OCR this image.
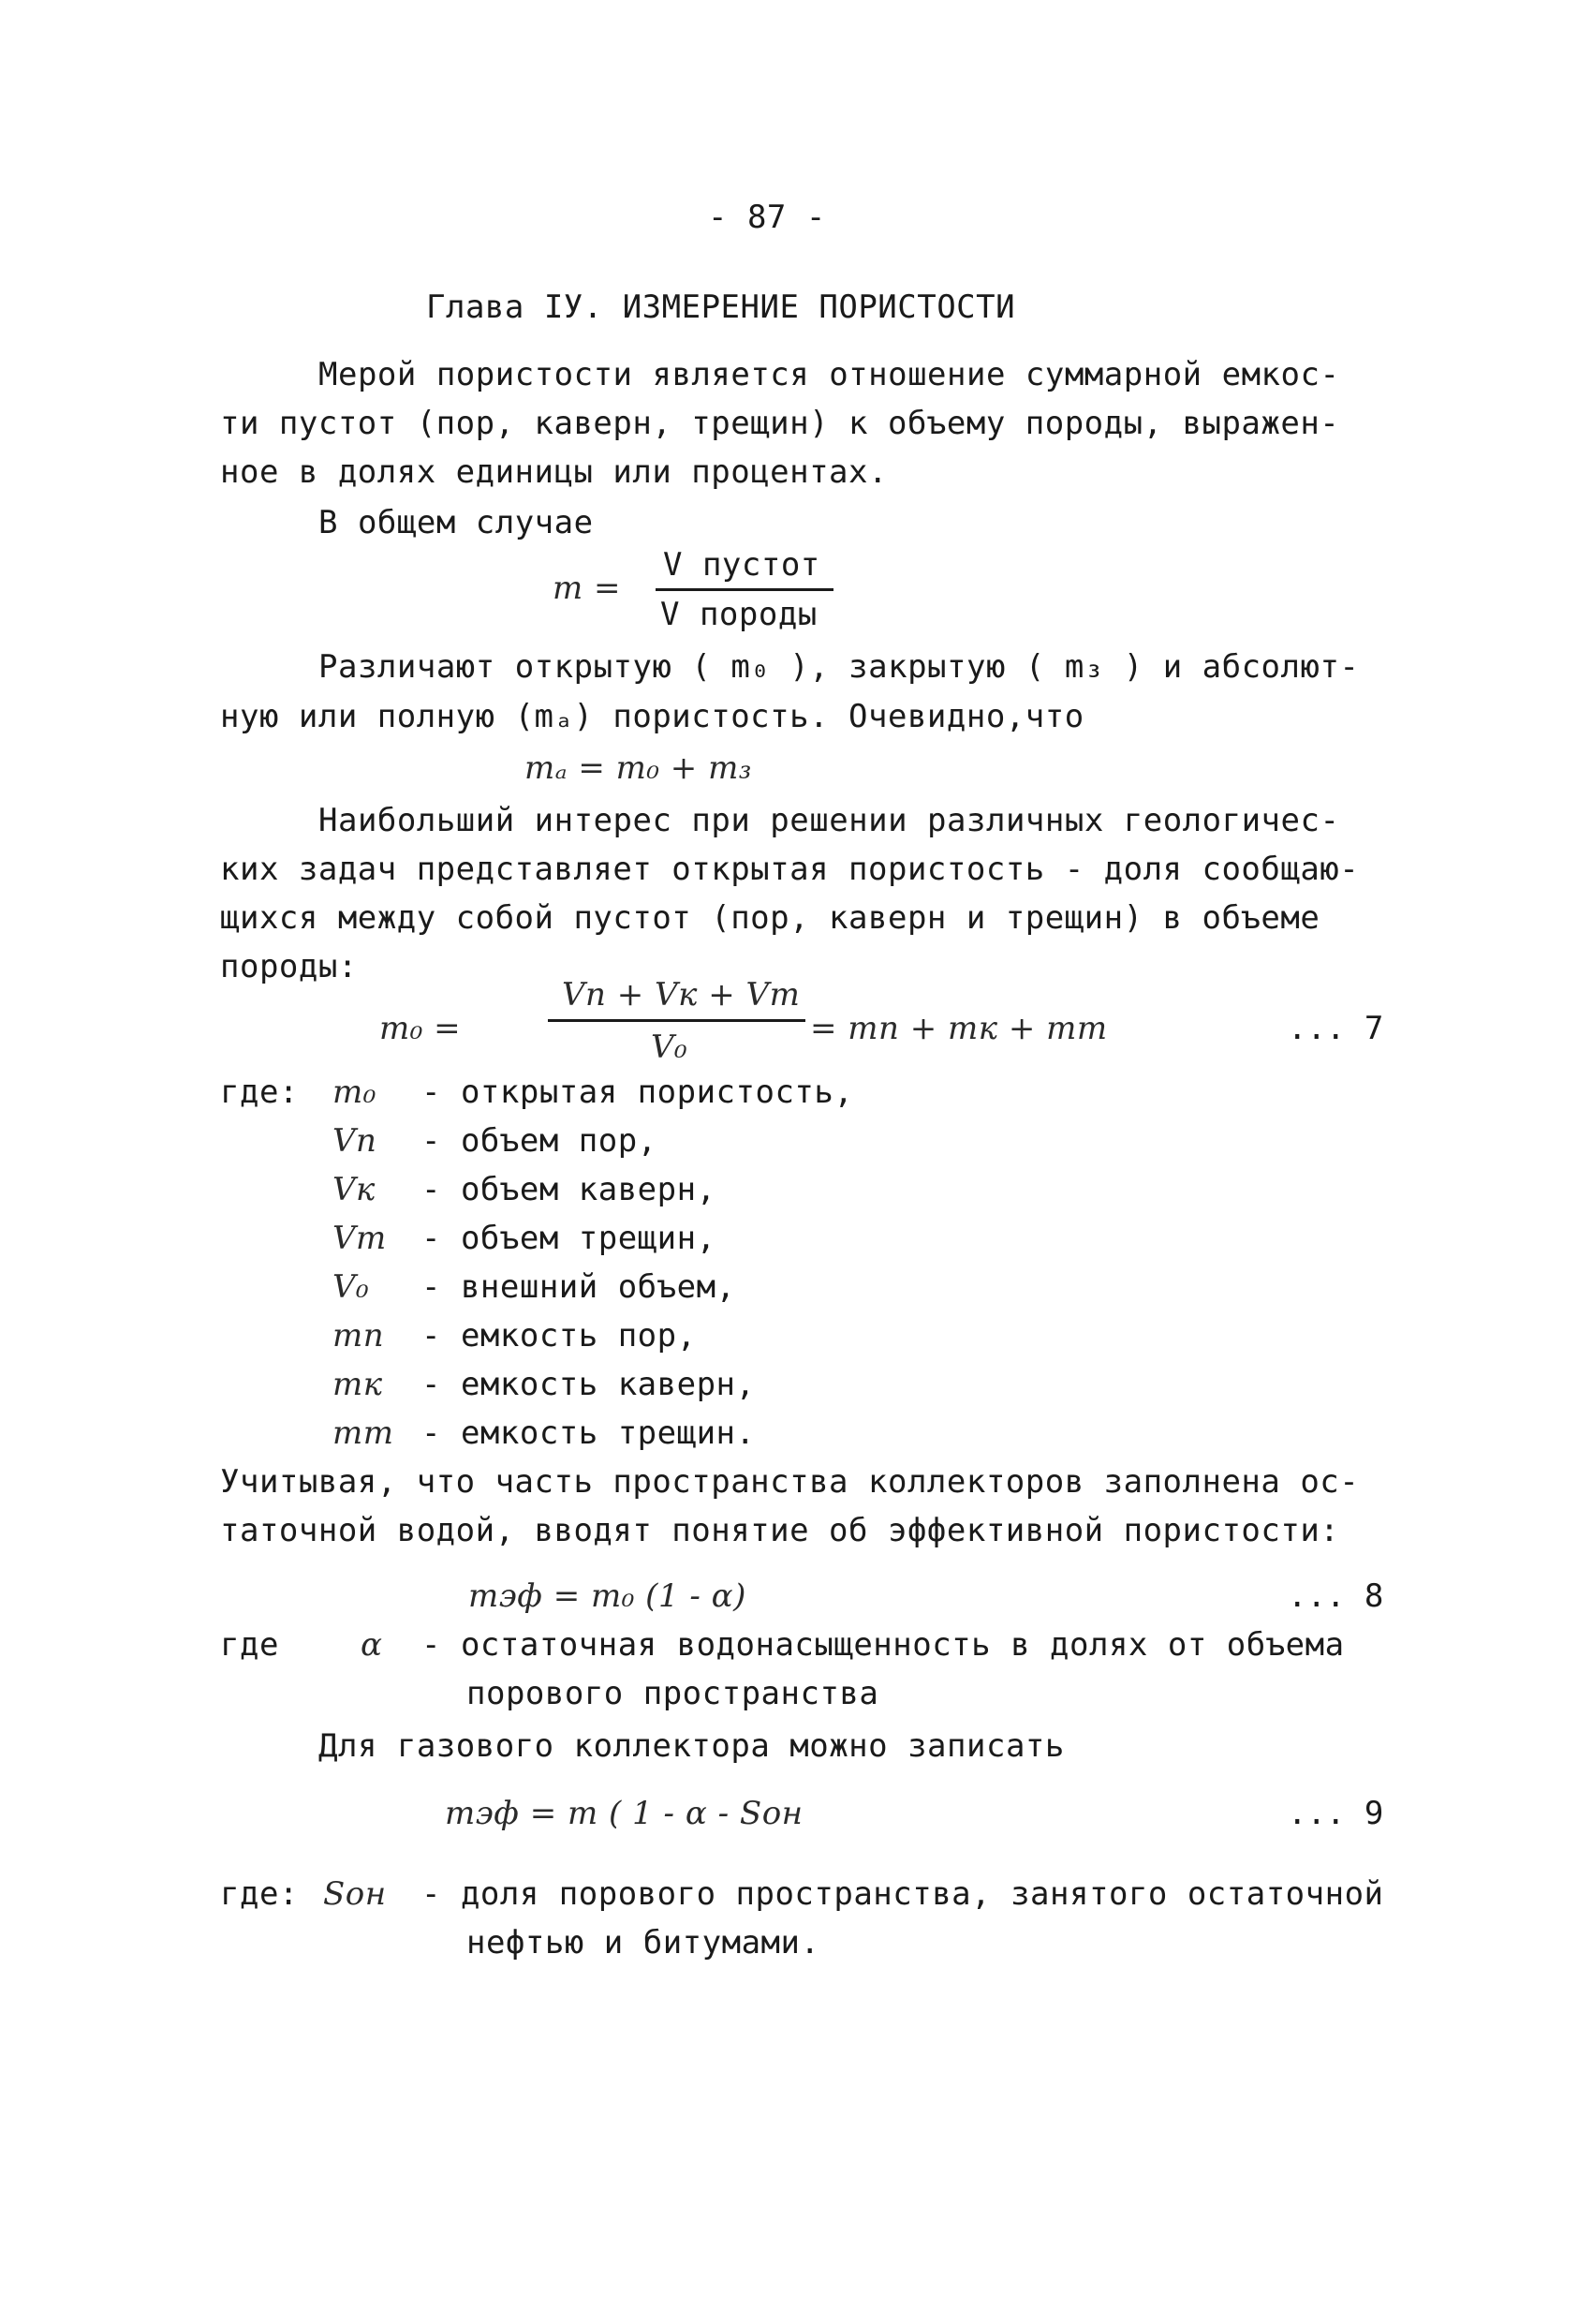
- 87 -
Глава IУ. ИЗМЕРЕНИЕ ПОРИСТОСТИ
Мерой пористости является отношение суммарной емкос-
ти пустот (пор, каверн, трещин) к объему породы, выражен-
ное в долях единицы или процентах.
В общем случае
m =
V пустот
V породы
Различают открытую ( m₀ ), закрытую ( m₃ ) и абсолют-
ную или полную (mₐ) пористость. Очевидно,что
mₐ = m₀ + m₃
Наибольший интерес при решении различных геологичес-
ких задач представляет открытая пористость - доля сообщаю-
щихся между собой пустот (пор, каверн и трещин) в объеме
породы:
m₀ =
Vп + Vк + Vт
V₀	= mп + mк + mт	... 7
где: m₀ - открытая пористость,
Vп - объем пор,
Vк - объем каверн,
Vт - объем трещин,
V₀ - внешний объем,
mп - емкость пор,
mк - емкость каверн,
mт - емкость трещин.
Учитывая, что часть пространства коллекторов заполнена ос-
таточной водой, вводят понятие об эффективной пористости:
mэф = m₀ (1 - α)	... 8
где	α - остаточная водонасыщенность в долях от объема
порового пространства
Для газового коллектора можно записать
mэф = m ( 1 - α - Sон	... 9
где: Sон - доля порового пространства, занятого остаточной
нефтью и битумами.
